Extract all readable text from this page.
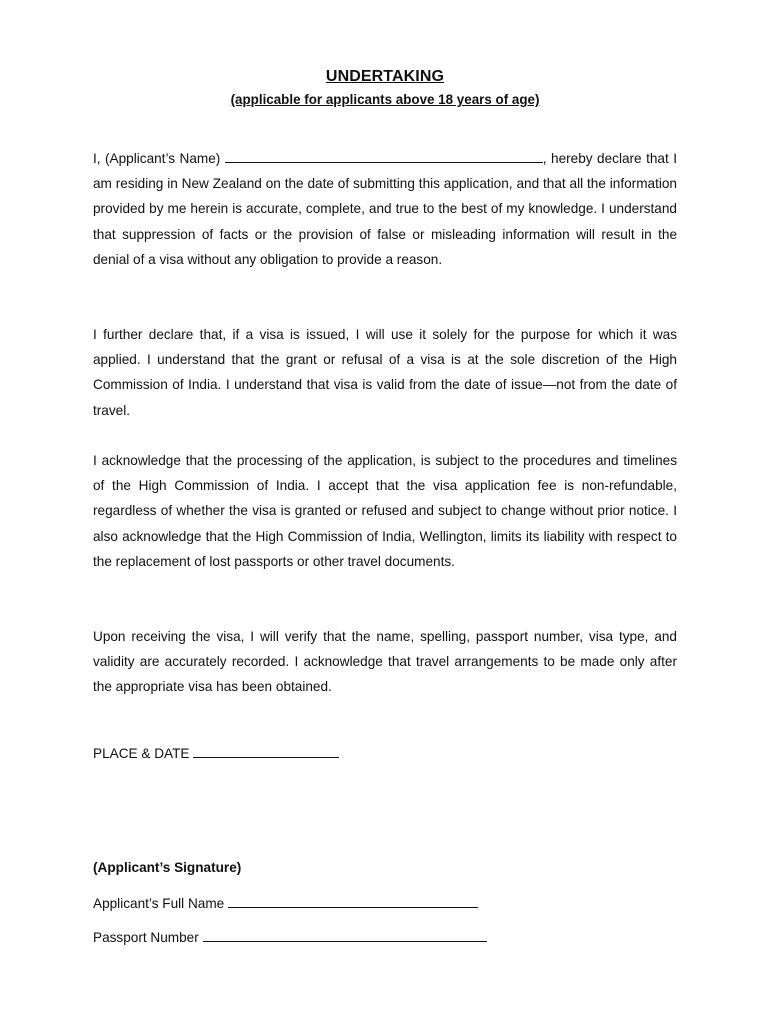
UNDERTAKING
(applicable for applicants above 18 years of age)

I, (Applicant’s Name)	, hereby declare that I am residing in New Zealand on the date of submitting this application, and that all the information provided by me herein is accurate, complete, and true to the best of my knowledge. I understand that suppression of facts or the provision of false or misleading information will result in the denial of a visa without any obligation to provide a reason.

I further declare that, if a visa is issued, I will use it solely for the purpose for which it was applied. I understand that the grant or refusal of a visa is at the sole discretion of the High Commission of India. I understand that visa is valid from the date of issue—not from the date of travel.

I acknowledge that the processing of the application, is subject to the procedures and timelines of the High Commission of India. I accept that the visa application fee is non-refundable, regardless of whether the visa is granted or refused and subject to change without prior notice. I also acknowledge that the High Commission of India, Wellington, limits its liability with respect to the replacement of lost passports or other travel documents.

Upon receiving the visa, I will verify that the name, spelling, passport number, visa type, and validity are accurately recorded. I acknowledge that travel arrangements to be made only after the appropriate visa has been obtained.

PLACE & DATE
(Applicant’s Signature)
Applicant’s Full Name
Passport Number
